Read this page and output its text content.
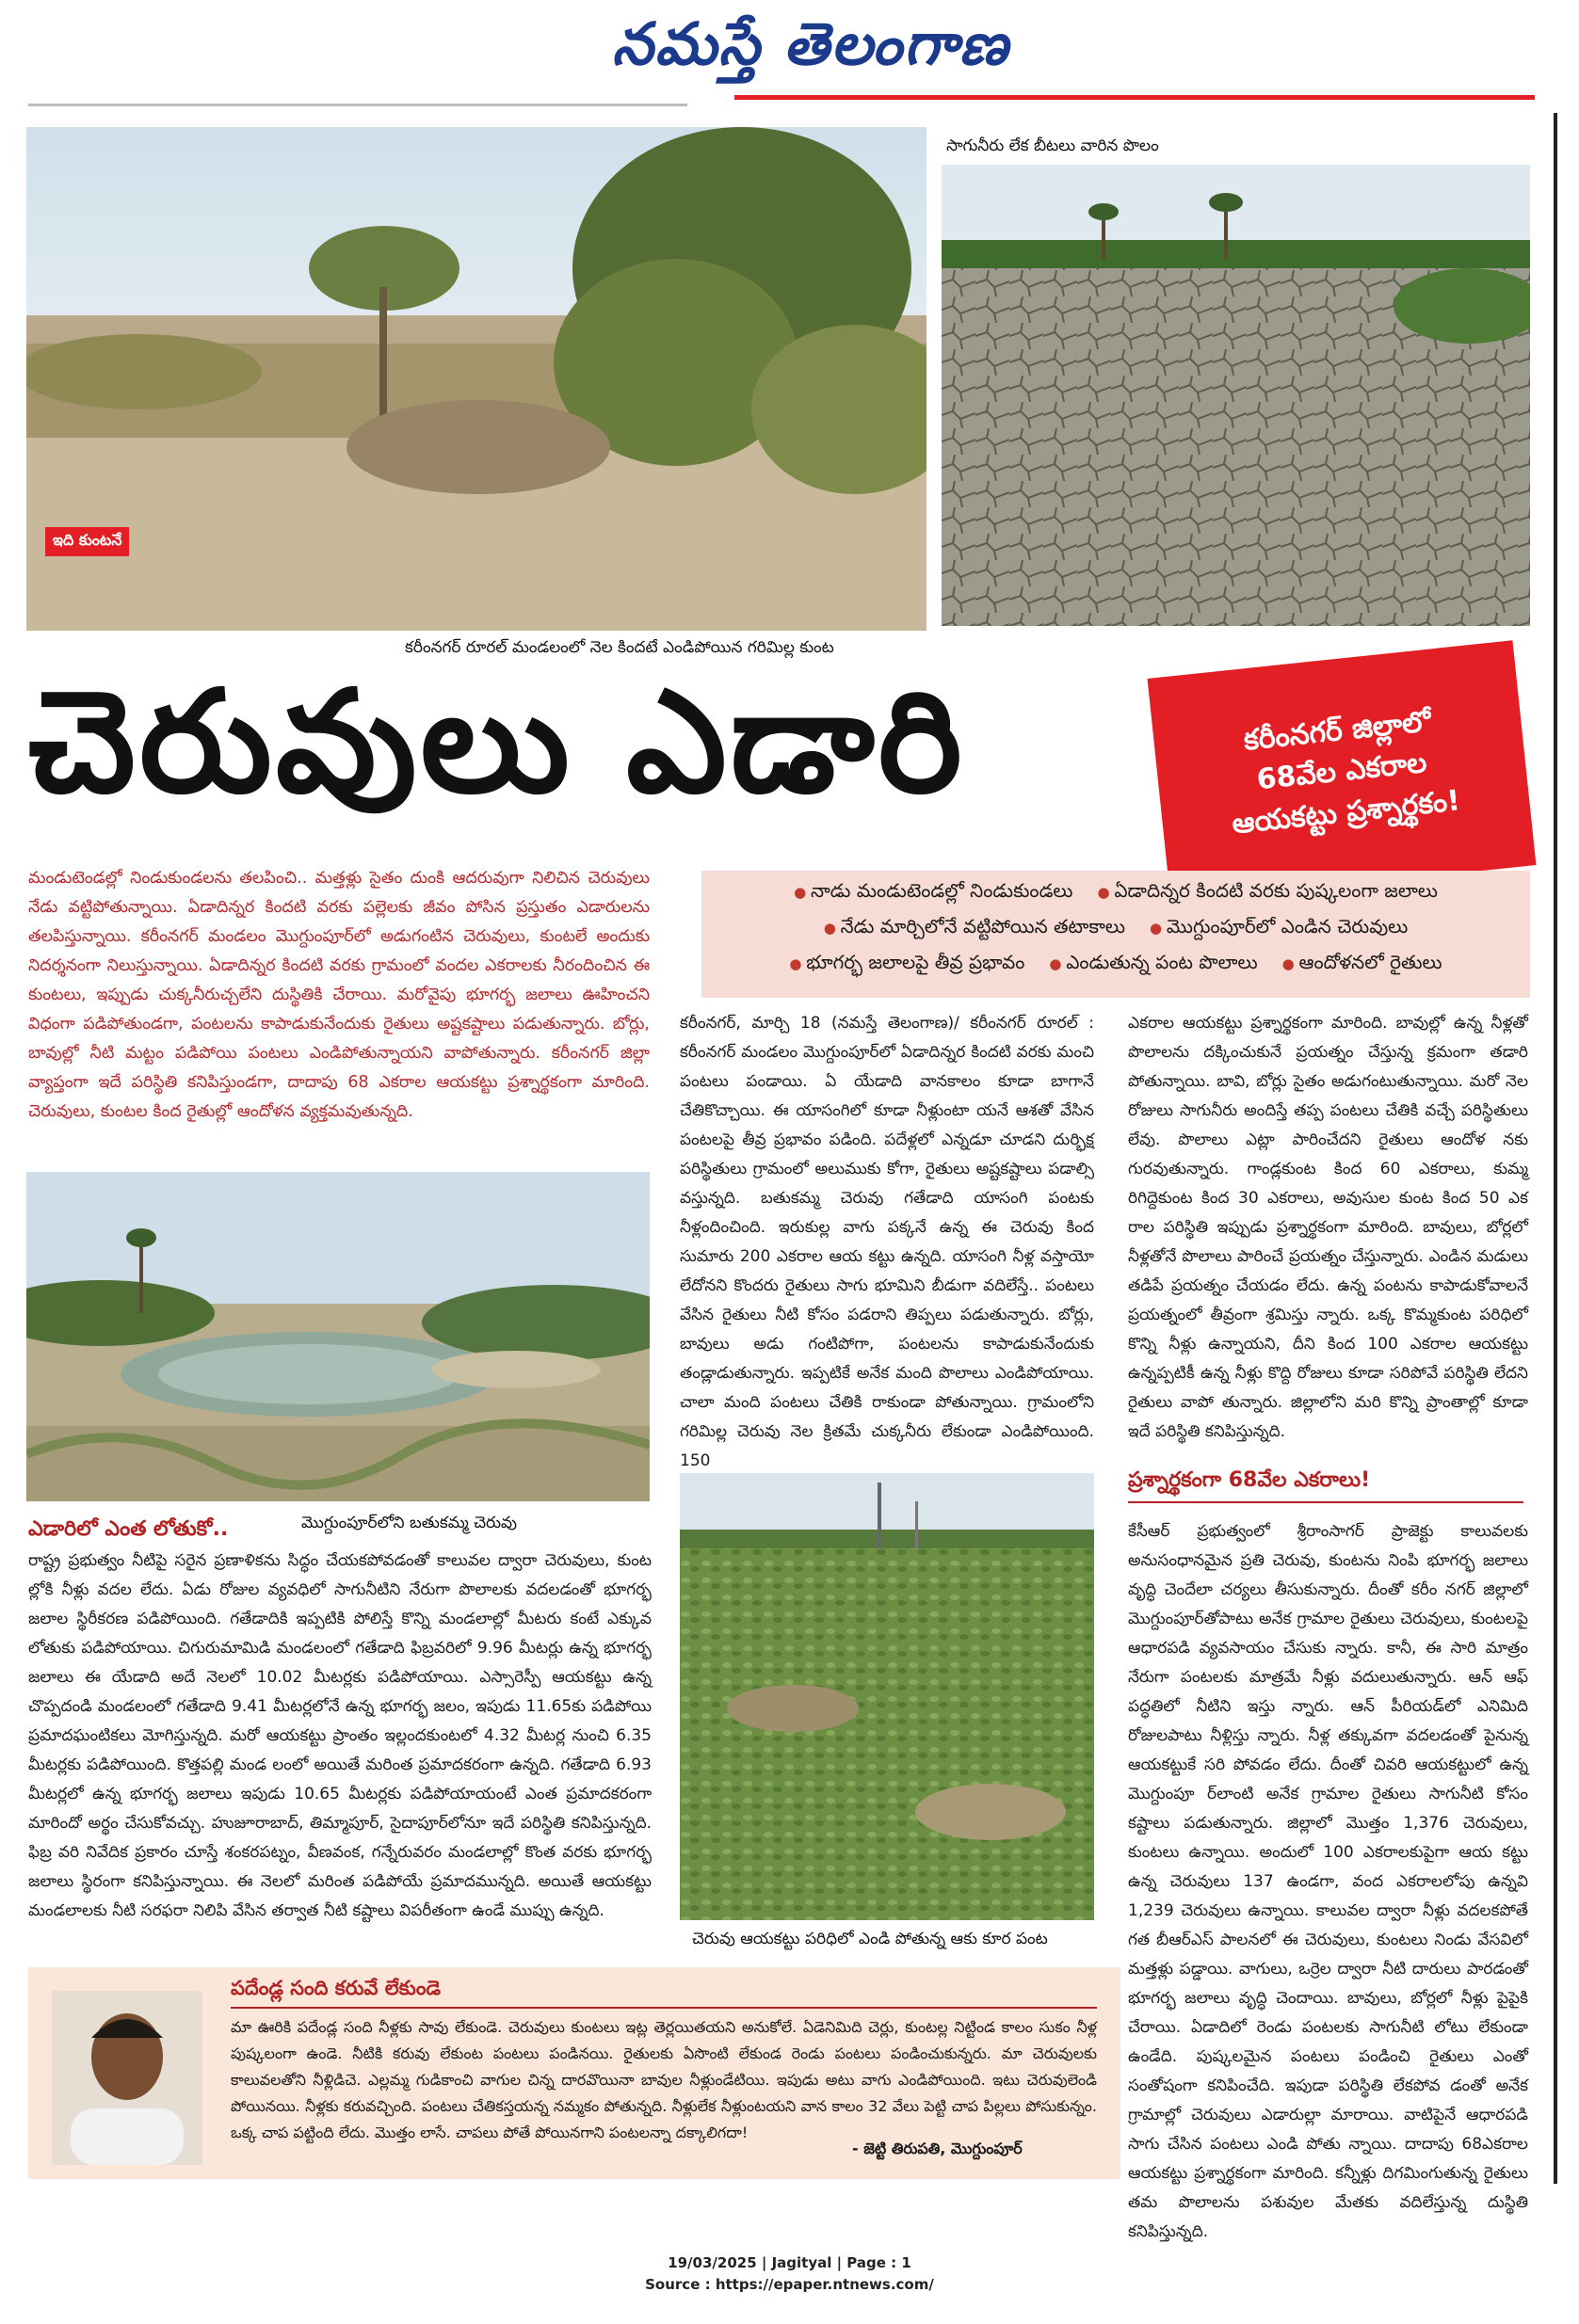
నమస్తే తెలంగాణ
ఇది కుంటనే
కరీంనగర్ రూరల్ మండలంలో నెల కిందటే ఎండిపోయిన గరిమిల్ల కుంట
సాగునీరు లేక బీటలు వారిన పొలం
చెరువులు ఎడారి	కరీంనగర్ జిల్లాలో
68వేల ఎకరాల
ఆయకట్టు ప్రశ్నార్థకం!
మండుటెండల్లో నిండుకుండలను తలపించి.. మత్తళ్లు సైతం దుంకి ఆదరువుగా నిలిచిన చెరువులు నేడు వట్టిపోతున్నాయి. ఏడాదిన్నర కిందటి వరకు పల్లెలకు జీవం పోసిన ప్రస్తుతం ఎడారులను తలపిస్తున్నాయి. కరీంనగర్ మండలం మొగ్దుంపూర్‌లో అడుగంటిన చెరువులు, కుంటలే అందుకు నిదర్శనంగా నిలుస్తున్నాయి. ఏడాదిన్నర కిందటి వరకు గ్రామంలో వందల ఎకరాలకు నీరందించిన ఈ కుంటలు, ఇప్పుడు చుక్కనీరుచ్చలేని దుస్థితికి చేరాయి. మరోవైపు భూగర్భ జలాలు ఊహించని విధంగా పడిపోతుండగా, పంటలను కాపాడుకునేందుకు రైతులు అష్టకష్టాలు పడుతున్నారు. బోర్లు, బావుల్లో నీటి మట్టం పడిపోయి పంటలు ఎండిపోతున్నాయని వాపోతున్నారు. కరీంనగర్ జిల్లా వ్యాప్తంగా ఇదే పరిస్థితి కనిపిస్తుండగా, దాదాపు 68 ఎకరాల ఆయకట్టు ప్రశ్నార్థకంగా మారింది. చెరువులు, కుంటల కింద రైతుల్లో ఆందోళన వ్యక్తమవుతున్నది.
● నాడు మండుటెండల్లో నిండుకుండలు	● ఏడాదిన్నర కిందటి వరకు పుష్కలంగా జలాలు
● నేడు మార్చిలోనే వట్టిపోయిన తటాకాలు	● మొగ్దుంపూర్‌లో ఎండిన చెరువులు
● భూగర్భ జలాలపై తీవ్ర ప్రభావం	● ఎండుతున్న పంట పొలాలు	● ఆందోళనలో రైతులు
ఎడారిలో ఎంత లోతుకో..	మొగ్దుంపూర్‌లోని బతుకమ్మ చెరువు
కరీంనగర్, మార్చి 18 (నమస్తే తెలంగాణ)/ కరీంనగర్ రూరల్ : కరీంనగర్ మండలం మొగ్దుంపూర్‌లో ఏడాదిన్నర కిందటి వరకు మంచి పంటలు పండాయి. ఏ యేడాది వానకాలం కూడా బాగానే చేతికొచ్చాయి. ఈ యాసంగిలో కూడా నీళ్లుంటా యనే ఆశతో వేసిన పంటలపై తీవ్ర ప్రభావం పడింది. పదేళ్లలో ఎన్నడూ చూడని దుర్భిక్ష పరిస్థితులు గ్రామంలో అలుముకు కోగా, రైతులు అష్టకష్టాలు పడాల్సి వస్తున్నది. బతుకమ్మ చెరువు గతేడాది యాసంగి పంటకు నీళ్లందించింది. ఇరుకుల్ల వాగు పక్కనే ఉన్న ఈ చెరువు కింద సుమారు 200 ఎకరాల ఆయ కట్టు ఉన్నది. యాసంగి నీళ్ల వస్తాయో లేదోనని కొందరు రైతులు సాగు భూమిని బీడుగా వదిలేస్తే.. పంటలు వేసిన రైతులు నీటి కోసం పడరాని తిప్పలు పడుతున్నారు. బోర్లు, బావులు అడు గంటిపోగా, పంటలను కాపాడుకునేందుకు తండ్లాడుతున్నారు. ఇప్పటికే అనేక మంది పొలాలు ఎండిపోయాయి. చాలా మంది పంటలు చేతికి రాకుండా పోతున్నాయి. గ్రామంలోని గరిమిల్ల చెరువు నెల క్రితమే చుక్కనీరు లేకుండా ఎండిపోయింది. 150
ఎకరాల ఆయకట్టు ప్రశ్నార్థకంగా మారింది. బావుల్లో ఉన్న నీళ్లతో పొలాలను దక్కించుకునే ప్రయత్నం చేస్తున్న క్రమంగా తడారి పోతున్నాయి. బావి, బోర్లు సైతం అడుగంటుతున్నాయి. మరో నెల రోజులు సాగునీరు అందిస్తే తప్ప పంటలు చేతికి వచ్చే పరిస్థితులు లేవు. పొలాలు ఎట్లా పారించేదని రైతులు ఆందోళ నకు గురవుతున్నారు. గాండ్లకుంట కింద 60 ఎకరాలు, కుమ్మ రిగిద్దెకుంట కింద 30 ఎకరాలు, అవుసుల కుంట కింద 50 ఎక రాల పరిస్థితి ఇప్పుడు ప్రశ్నార్థకంగా మారింది. బావులు, బోర్లలో నీళ్లతోనే పొలాలు పారించే ప్రయత్నం చేస్తున్నారు. ఎండిన మడులు తడిపే ప్రయత్నం చేయడం లేదు. ఉన్న పంటను కాపాడుకోవాలనే ప్రయత్నంలో తీవ్రంగా శ్రమిస్తు న్నారు. ఒక్క కొమ్మకుంట పరిధిలో కొన్ని నీళ్లు ఉన్నాయని, దీని కింద 100 ఎకరాల ఆయకట్టు ఉన్నప్పటికీ ఉన్న నీళ్లు కొద్ది రోజులు కూడా సరిపోవే పరిస్థితి లేదని రైతులు వాపో తున్నారు. జిల్లాలోని మరి కొన్ని ప్రాంతాల్లో కూడా ఇదే పరిస్థితి కనిపిస్తున్నది.
ప్రశ్నార్థకంగా 68వేల ఎకరాలు!
చెరువు ఆయకట్టు పరిధిలో ఎండి పోతున్న ఆకు కూర పంట
రాష్ట్ర ప్రభుత్వం నీటిపై సరైన ప్రణాళికను సిద్ధం చేయకపోవడంతో కాలువల ద్వారా చెరువులు, కుంట ల్లోకి నీళ్లు వదల లేదు. ఏడు రోజుల వ్యవధిలో సాగునీటిని నేరుగా పొలాలకు వదలడంతో భూగర్భ జలాల స్థిరీకరణ పడిపోయింది. గతేడాదికి ఇప్పటికి పోలిస్తే కొన్ని మండలాల్లో మీటరు కంటే ఎక్కువ లోతుకు పడిపోయాయి. చిగురుమామిడి మండలంలో గతేడాది ఫిబ్రవరిలో 9.96 మీటర్లు ఉన్న భూగర్భ జలాలు ఈ యేడాది అదే నెలలో 10.02 మీటర్లకు పడిపోయాయి. ఎస్సారెస్పీ ఆయకట్టు ఉన్న చొప్పదండి మండలంలో గతేడాది 9.41 మీటర్లలోనే ఉన్న భూగర్భ జలం, ఇపుడు 11.65కు పడిపోయి ప్రమాదఘంటికలు మోగిస్తున్నది. మరో ఆయకట్టు ప్రాంతం ఇల్లందకుంటలో 4.32 మీటర్ల నుంచి 6.35 మీటర్లకు పడిపోయింది. కొత్తపల్లి మండ లంలో అయితే మరింత ప్రమాదకరంగా ఉన్నది. గతేడాది 6.93 మీటర్లలో ఉన్న భూగర్భ జలాలు ఇపుడు 10.65 మీటర్లకు పడిపోయాయంటే ఎంత ప్రమాదకరంగా మారిందో అర్థం చేసుకోవచ్చు. హుజూరాబాద్, తిమ్మాపూర్, సైదాపూర్‌లోనూ ఇదే పరిస్థితి కనిపిస్తున్నది. ఫిబ్ర వరి నివేదిక ప్రకారం చూస్తే శంకరపట్నం, వీణవంక, గన్నేరువరం మండలాల్లో కొంత వరకు భూగర్భ జలాలు స్థిరంగా కనిపిస్తున్నాయి. ఈ నెలలో మరింత పడిపోయే ప్రమాదమున్నది. అయితే ఆయకట్టు మండలాలకు నీటి సరఫరా నిలిపి వేసిన తర్వాత నీటి కష్టాలు విపరీతంగా ఉండే ముప్పు ఉన్నది.
కేసీఆర్ ప్రభుత్వంలో శ్రీరాంసాగర్ ప్రాజెక్టు కాలువలకు అనుసంధానమైన ప్రతి చెరువు, కుంటను నింపి భూగర్భ జలాలు వృద్ధి చెందేలా చర్యలు తీసుకున్నారు. దీంతో కరీం నగర్ జిల్లాలో మొగ్దుంపూర్‌తోపాటు అనేక గ్రామాల రైతులు చెరువులు, కుంటలపై ఆధారపడి వ్యవసాయం చేసుకు న్నారు. కానీ, ఈ సారి మాత్రం నేరుగా పంటలకు మాత్రమే నీళ్లు వదులుతున్నారు. ఆన్ ఆఫ్ పద్ధతిలో నీటిని ఇస్తు న్నారు. ఆన్ పీరియడ్‌లో ఎనిమిది రోజులపాటు నీళ్లిస్తు న్నారు. నీళ్ల తక్కువగా వదలడంతో పైనున్న ఆయకట్టుకే సరి పోవడం లేదు. దీంతో చివరి ఆయకట్టులో ఉన్న మొగ్దుంపూ ర్‌లాంటి అనేక గ్రామాల రైతులు సాగునీటి కోసం కష్టాలు పడుతున్నారు. జిల్లాలో మొత్తం 1,376 చెరువులు, కుంటలు ఉన్నాయి. అందులో 100 ఎకరాలకుపైగా ఆయ కట్టు ఉన్న చెరువులు 137 ఉండగా, వంద ఎకరాలలోపు ఉన్నవి 1,239 చెరువులు ఉన్నాయి. కాలువల ద్వారా నీళ్లు వదలకపోతే గత బీఆర్ఎస్ పాలనలో ఈ చెరువులు, కుంటలు నిండు వేసవిలో మత్తళ్లు పడ్డాయి. వాగులు, ఒర్రెల ద్వారా నీటి దారులు పారడంతో భూగర్భ జలాలు వృద్ధి చెందాయి. బావులు, బోర్లలో నీళ్లు పైపైకి చేరాయి. ఏడాదిలో రెండు పంటలకు సాగునీటి లోటు లేకుండా ఉండేది. పుష్కలమైన పంటలు పండించి రైతులు ఎంతో సంతోషంగా కనిపించేది. ఇపుడా పరిస్థితి లేకపోవ డంతో అనేక గ్రామాల్లో చెరువులు ఎడారుల్లా మారాయి. వాటిపైనే ఆధారపడి సాగు చేసిన పంటలు ఎండి పోతు న్నాయి. దాదాపు 68ఎకరాల ఆయకట్టు ప్రశ్నార్థకంగా మారింది. కన్నీళ్లు దిగమింగుతున్న రైతులు తమ పొలాలను పశువుల మేతకు వదిలేస్తున్న దుస్థితి కనిపిస్తున్నది.
పదేండ్ల సంది కరువే లేకుండె
మా ఊరికి పదేండ్ల సంది నీళ్లకు సావు లేకుండె. చెరువులు కుంటలు ఇట్ల తెర్లయితయని అనుకోలే. ఏడెనిమిది చెర్లు, కుంటల్ల నిట్టిండ కాలం సుకం నీళ్ల పుష్కలంగా ఉండె. నీటికి కరువు లేకుంట పంటలు పండినయి. రైతులకు ఏసొంటి లేకుండ రెండు పంటలు పండించుకున్నరు. మా చెరువులకు కాలువలతోని నీళ్లిడిచె. ఎల్లమ్మ గుడికాంచి వాగుల చిన్న దారవొయినా బావుల నీళ్లుండేటియి. ఇపుడు అటు వాగు ఎండిపోయింది. ఇటు చెరువులెండి పోయినయి. నీళ్లకు కరువచ్చింది. పంటలు చేతికస్తయన్న నమ్మకం పోతున్నది. నీళ్లులేక నీళ్లుంటయని వాన కాలం 32 వేలు పెట్టి చాప పిల్లలు పోసుకున్నం. ఒక్క చాప పట్టింది లేదు. మొత్తం లాసే. చాపలు పోతే పోయినగాని పంటలన్నా దక్కాలిగదా!
- జెట్టి తిరుపతి, మొగ్దుంపూర్
19/03/2025 | Jagityal | Page : 1
Source : https://epaper.ntnews.com/
